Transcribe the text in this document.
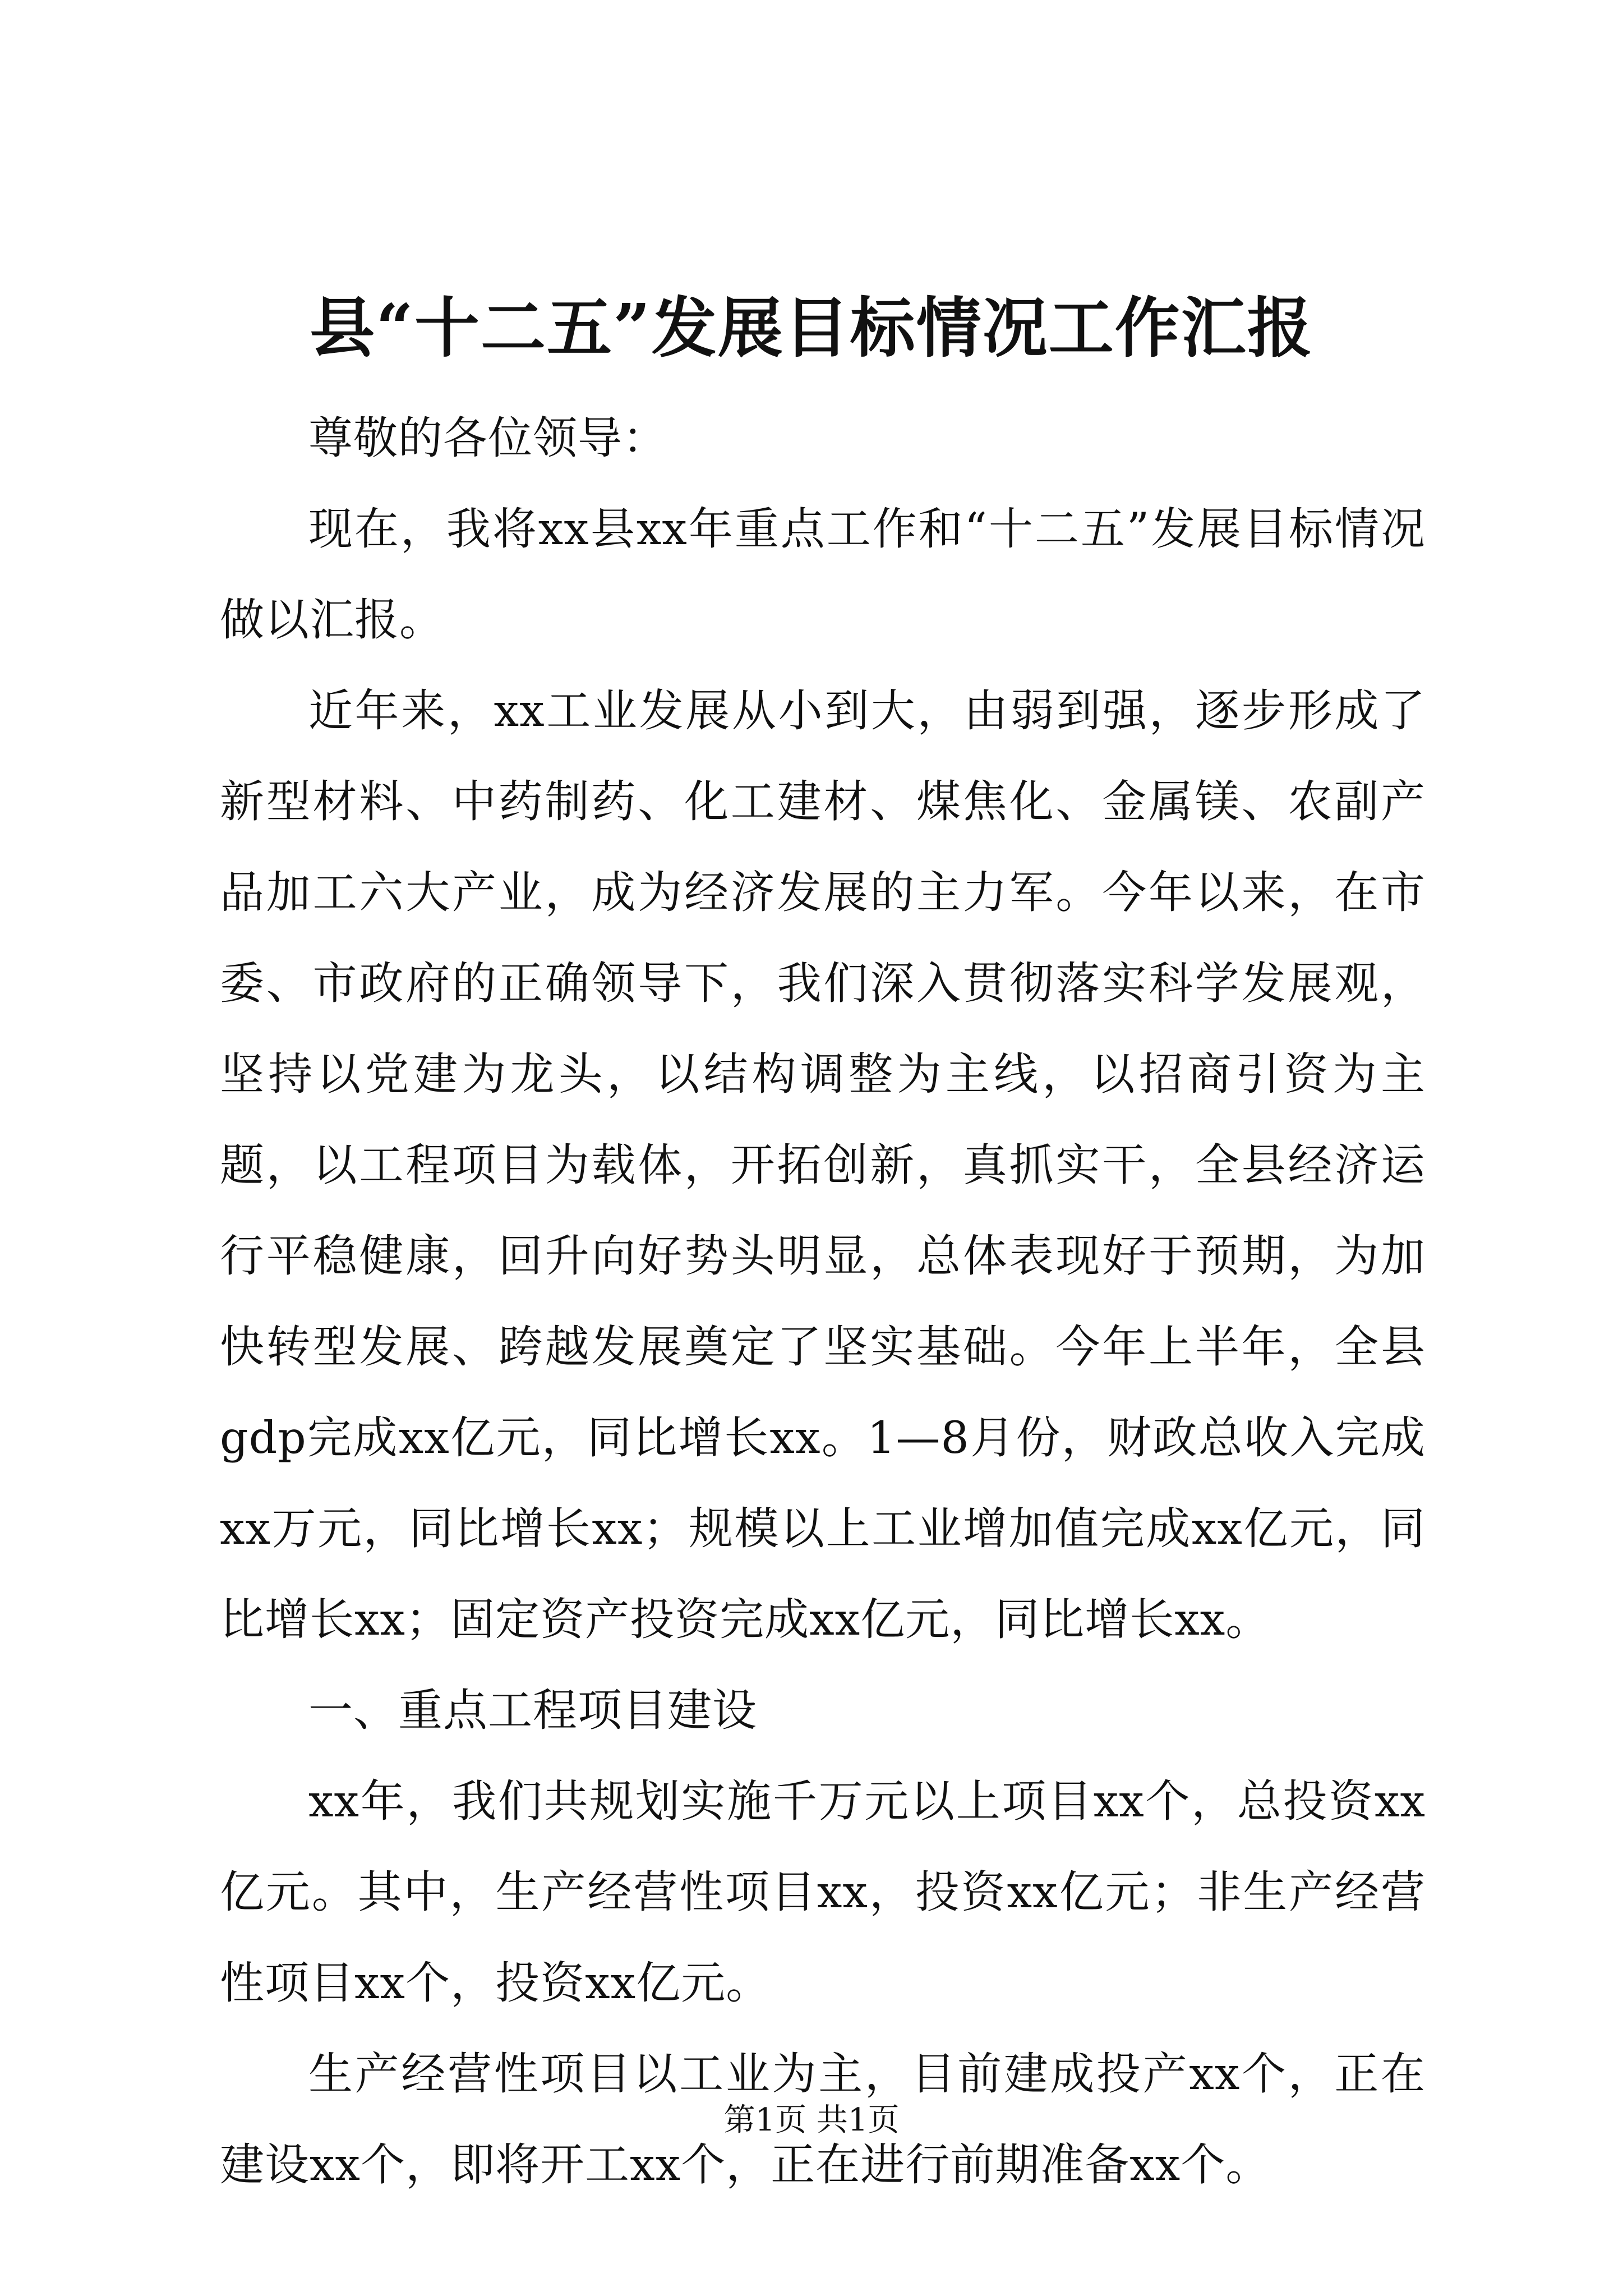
县“十二五”发展目标情况工作汇报

尊敬的各位领导：

现在，我将xx县xx年重点工作和“十二五”发展目标情况做以汇报。

近年来，xx工业发展从小到大，由弱到强，逐步形成了新型材料、中药制药、化工建材、煤焦化、金属镁、农副产品加工六大产业，成为经济发展的主力军。今年以来，在市委、市政府的正确领导下，我们深入贯彻落实科学发展观，坚持以党建为龙头，以结构调整为主线，以招商引资为主题，以工程项目为载体，开拓创新，真抓实干，全县经济运行平稳健康，回升向好势头明显，总体表现好于预期，为加快转型发展、跨越发展奠定了坚实基础。今年上半年，全县gdp完成xx亿元，同比增长xx。1—8月份，财政总收入完成xx万元，同比增长xx；规模以上工业增加值完成xx亿元，同比增长xx；固定资产投资完成xx亿元，同比增长xx。

一、重点工程项目建设

xx年，我们共规划实施千万元以上项目xx个，总投资xx亿元。其中，生产经营性项目xx，投资xx亿元；非生产经营性项目xx个，投资xx亿元。

生产经营性项目以工业为主，目前建成投产xx个，正在建设xx个，即将开工xx个，正在进行前期准备xx个。

第1页 共1页
